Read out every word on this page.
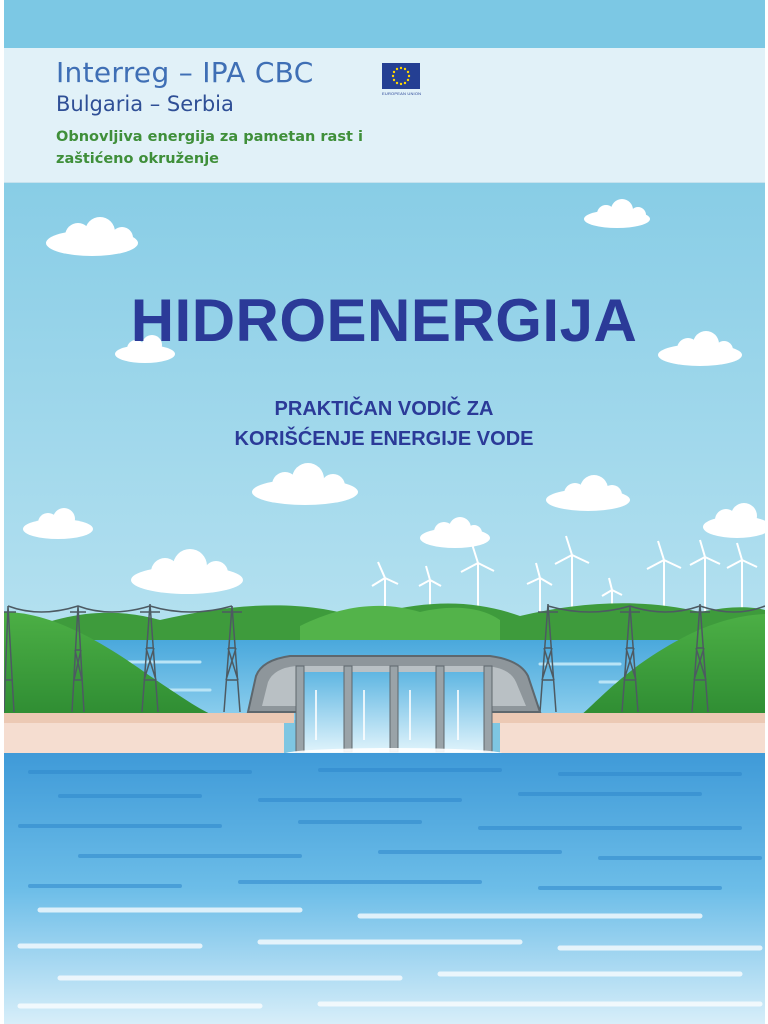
Interreg – IPA CBC
Bulgaria – Serbia
Obnovljiva energija za pametan rast i
zaštićeno okruženje
EUROPEAN UNION
HIDROENERGIJA
PRAKTIČAN VODIČ ZA
KORIŠĆENJE ENERGIJE VODE
